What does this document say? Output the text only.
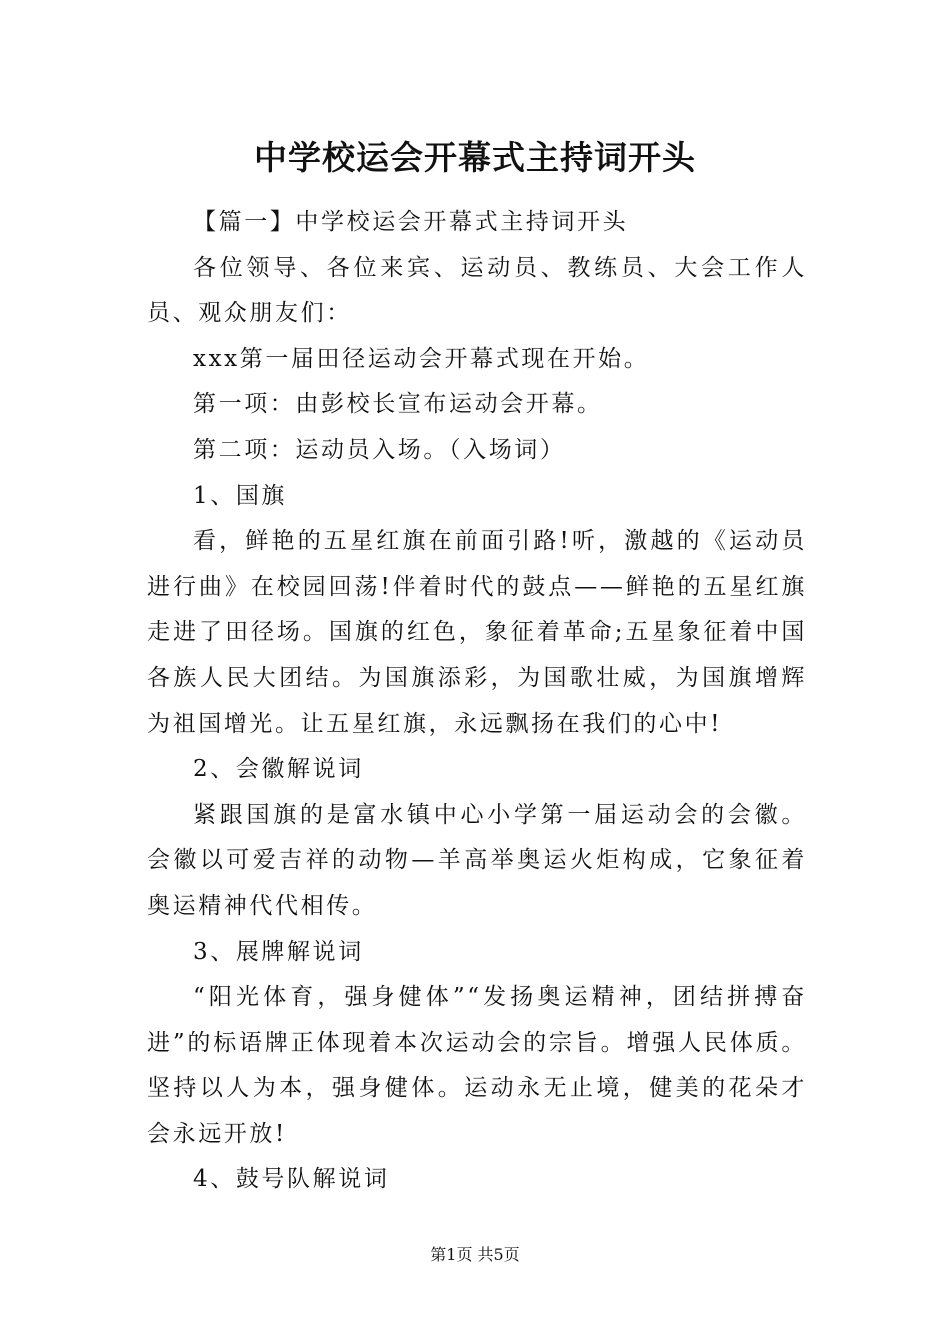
中学校运会开幕式主持词开头

【篇一】中学校运会开幕式主持词开头

各位领导、各位来宾、运动员、教练员、大会工作人员、观众朋友们：

xxx第一届田径运动会开幕式现在开始。

第一项：由彭校长宣布运动会开幕。

第二项：运动员入场。（入场词）

1、国旗

看，鲜艳的五星红旗在前面引路!听，激越的《运动员进行曲》在校园回荡!伴着时代的鼓点——鲜艳的五星红旗走进了田径场。国旗的红色，象征着革命;五星象征着中国各族人民大团结。为国旗添彩，为国歌壮威，为国旗增辉为祖国增光。让五星红旗，永远飘扬在我们的心中!

2、会徽解说词

紧跟国旗的是富水镇中心小学第一届运动会的会徽。会徽以可爱吉祥的动物—羊高举奥运火炬构成，它象征着奥运精神代代相传。

3、展牌解说词

“阳光体育，强身健体”“发扬奥运精神，团结拼搏奋进”的标语牌正体现着本次运动会的宗旨。增强人民体质。坚持以人为本，强身健体。运动永无止境，健美的花朵才会永远开放!

4、鼓号队解说词

第1页 共5页
